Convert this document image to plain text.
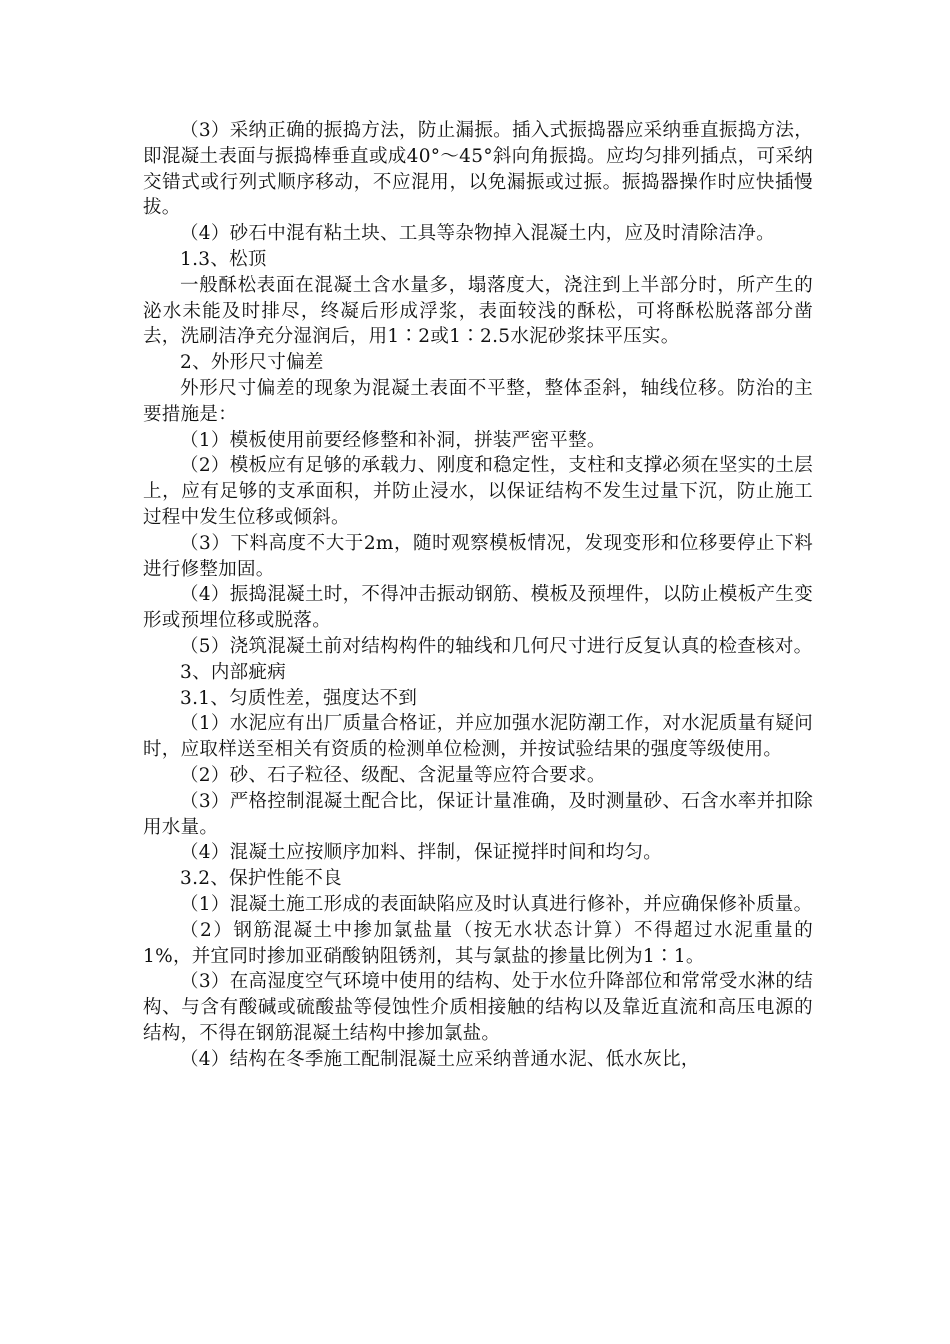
（3）采纳正确的振捣方法，防止漏振。插入式振捣器应采纳垂直振捣方法，即混凝土表面与振捣棒垂直或成40°～45°斜向角振捣。应均匀排列插点，可采纳交错式或行列式顺序移动，不应混用，以免漏振或过振。振捣器操作时应快插慢拔。

（4）砂石中混有粘土块、工具等杂物掉入混凝土内，应及时清除洁净。

1.3、松顶

一般酥松表面在混凝土含水量多，塌落度大，浇注到上半部分时，所产生的泌水未能及时排尽，终凝后形成浮浆，表面较浅的酥松，可将酥松脱落部分凿去，洗刷洁净充分湿润后，用1∶2或1∶2.5水泥砂浆抹平压实。

2、外形尺寸偏差

外形尺寸偏差的现象为混凝土表面不平整，整体歪斜，轴线位移。防治的主要措施是：

（1）模板使用前要经修整和补洞，拼装严密平整。

（2）模板应有足够的承载力、刚度和稳定性，支柱和支撑必须在坚实的土层上，应有足够的支承面积，并防止浸水，以保证结构不发生过量下沉，防止施工过程中发生位移或倾斜。

（3）下料高度不大于2m，随时观察模板情况，发现变形和位移要停止下料进行修整加固。

（4）振捣混凝土时，不得冲击振动钢筋、模板及预埋件，以防止模板产生变形或预埋位移或脱落。

（5）浇筑混凝土前对结构构件的轴线和几何尺寸进行反复认真的检查核对。

3、内部疵病

3.1、匀质性差，强度达不到

（1）水泥应有出厂质量合格证，并应加强水泥防潮工作，对水泥质量有疑问时，应取样送至相关有资质的检测单位检测，并按试验结果的强度等级使用。

（2）砂、石子粒径、级配、含泥量等应符合要求。

（3）严格控制混凝土配合比，保证计量准确，及时测量砂、石含水率并扣除用水量。

（4）混凝土应按顺序加料、拌制，保证搅拌时间和均匀。

3.2、保护性能不良

（1）混凝土施工形成的表面缺陷应及时认真进行修补，并应确保修补质量。

（2）钢筋混凝土中掺加氯盐量（按无水状态计算）不得超过水泥重量的1%，并宜同时掺加亚硝酸钠阻锈剂，其与氯盐的掺量比例为1∶1。

（3）在高湿度空气环境中使用的结构、处于水位升降部位和常常受水淋的结构、与含有酸碱或硫酸盐等侵蚀性介质相接触的结构以及靠近直流和高压电源的结构，不得在钢筋混凝土结构中掺加氯盐。

（4）结构在冬季施工配制混凝土应采纳普通水泥、低水灰比，
